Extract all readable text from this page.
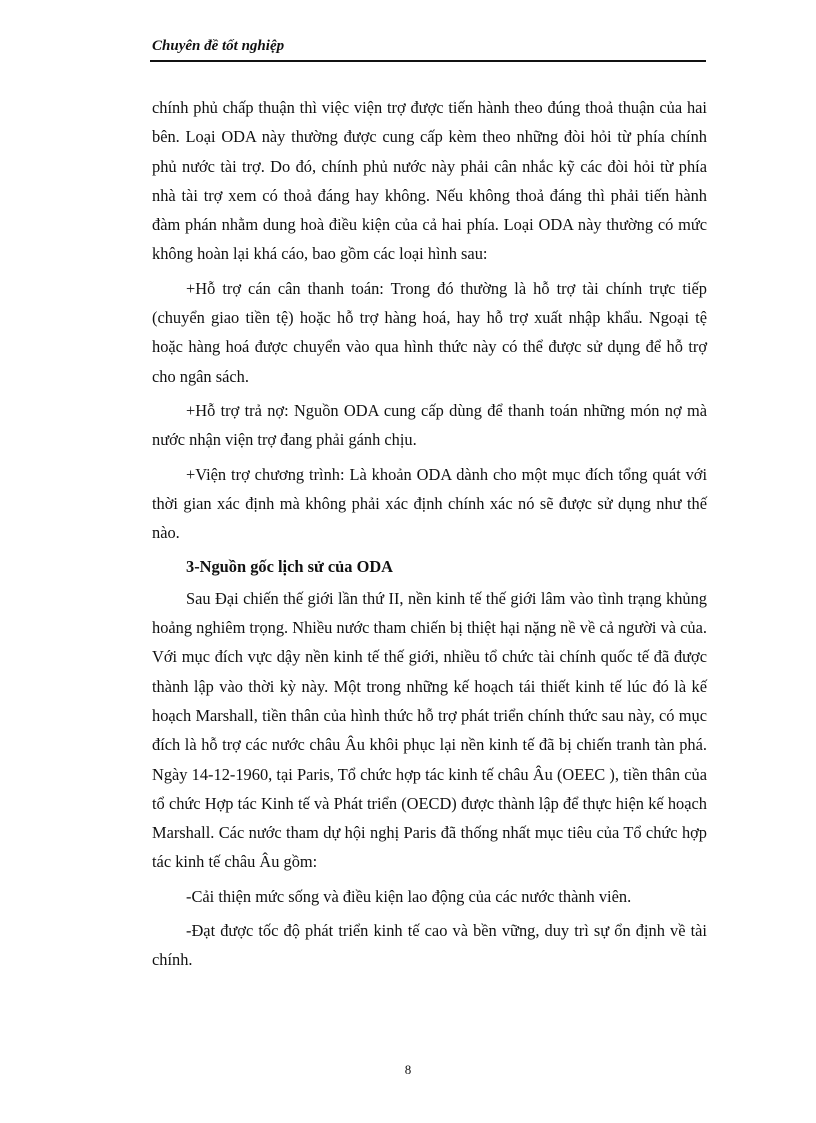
Chuyên đề tốt nghiệp

chính phủ chấp thuận thì việc viện trợ được tiến hành theo đúng thoả thuận của hai bên. Loại ODA này thường được cung cấp kèm theo những đòi hỏi từ phía chính phủ nước tài trợ. Do đó, chính phủ nước này phải cân nhắc kỹ các đòi hỏi từ phía nhà tài trợ xem có thoả đáng hay không. Nếu không thoả đáng thì phải tiến hành đàm phán nhằm dung hoà điều kiện của cả hai phía. Loại ODA này thường có mức không hoàn lại khá cáo, bao gồm các loại hình sau:

+Hỗ trợ cán cân thanh toán: Trong đó thường là hỗ trợ tài chính trực tiếp (chuyển giao tiền tệ) hoặc hỗ trợ hàng hoá, hay hỗ trợ xuất nhập khẩu. Ngoại tệ hoặc hàng hoá được chuyển vào qua hình thức này có thể được sử dụng để hỗ trợ cho ngân sách.

+Hỗ trợ trả nợ: Nguồn ODA cung cấp dùng để thanh toán những món nợ mà nước nhận viện trợ đang phải gánh chịu.

+Viện trợ chương trình: Là khoản ODA dành cho một mục đích tổng quát với thời gian xác định mà không phải xác định chính xác nó sẽ được sử dụng như thế nào.

3-Nguồn gốc lịch sử của ODA

Sau Đại chiến thế giới lần thứ II, nền kinh tế thế giới lâm vào tình trạng khủng hoảng nghiêm trọng. Nhiều nước tham chiến bị thiệt hại nặng nề về cả người và của. Với mục đích vực dậy nền kinh tế thế giới, nhiều tổ chức tài chính quốc tế đã được thành lập vào thời kỳ này. Một trong những kế hoạch tái thiết kinh tế lúc đó là kế hoạch Marshall, tiền thân của hình thức hỗ trợ phát triển chính thức sau này, có mục đích là hỗ trợ các nước châu Âu khôi phục lại nền kinh tế đã bị chiến tranh tàn phá. Ngày 14-12-1960, tại Paris, Tổ chức hợp tác kinh tế châu Âu (OEEC ), tiền thân của tổ chức Hợp tác Kinh tế và Phát triển (OECD) được thành lập để thực hiện kế hoạch Marshall. Các nước tham dự hội nghị Paris đã thống nhất mục tiêu của Tổ chức hợp tác kinh tế châu Âu gồm:

-Cải thiện mức sống và điều kiện lao động của các nước thành viên.

-Đạt được tốc độ phát triển kinh tế cao và bền vững, duy trì sự ổn định về tài chính.

8
